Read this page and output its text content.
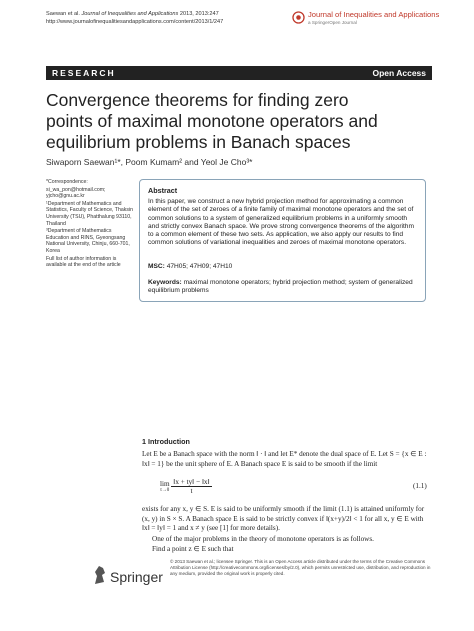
Saewan et al. Journal of Inequalities and Applications 2013, 2013:247
http://www.journalofinequalitiesandapplications.com/content/2013/1/247
Journal of Inequalities and Applications
a SpringerOpen Journal
RESEARCH	Open Access
Convergence theorems for finding zero
points of maximal monotone operators and
equilibrium problems in Banach spaces
Siwaporn Saewan¹*, Poom Kumam² and Yeol Je Cho³*

*Correspondence:

si_wa_pon@hotmail.com;

yjcho@gnu.ac.kr

¹Department of Mathematics and Statistics, Faculty of Science, Thaksin University (TSU), Phatthalung 93110, Thailand

³Department of Mathematics Education and RINS, Gyeongsang National University, Chinju, 660-701, Korea

Full list of author information is available at the end of the article

Abstract
In this paper, we construct a new hybrid projection method for approximating a common element of the set of zeroes of a finite family of maximal monotone operators and the set of common solutions to a system of generalized equilibrium problems in a uniformly smooth and strictly convex Banach space. We prove strong convergence theorems of the algorithm to a common element of these two sets. As application, we also apply our results to find common solutions of variational inequalities and zeroes of maximal monotone operators.
MSC: 47H05; 47H09; 47H10
Keywords: maximal monotone operators; hybrid projection method; system of generalized equilibrium problems
1 Introduction
Let E be a Banach space with the norm ‖ · ‖ and let E* denote the dual space of E. Let S = {x ∈ E : ‖x‖ = 1} be the unit sphere of E. A Banach space E is said to be smooth if the limit
lim
t→0
$\frac{‖x + ty‖ - ‖x‖}{t}$	(1.1)
exists for any x, y ∈ S. E is said to be uniformly smooth if the limit (1.1) is attained uniformly for (x, y) in S × S. A Banach space E is said to be strictly convex if ‖(x+y)/2‖ < 1 for all x, y ∈ E with ‖x‖ = ‖y‖ = 1 and x ≠ y (see [1] for more details).
One of the major problems in the theory of monotone operators is as follows.
Find a point z ∈ E such that
Springer
© 2013 Saewan et al.; licensee Springer. This is an Open Access article distributed under the terms of the Creative Commons Attribution License (http://creativecommons.org/licenses/by/2.0), which permits unrestricted use, distribution, and reproduction in any medium, provided the original work is properly cited.
